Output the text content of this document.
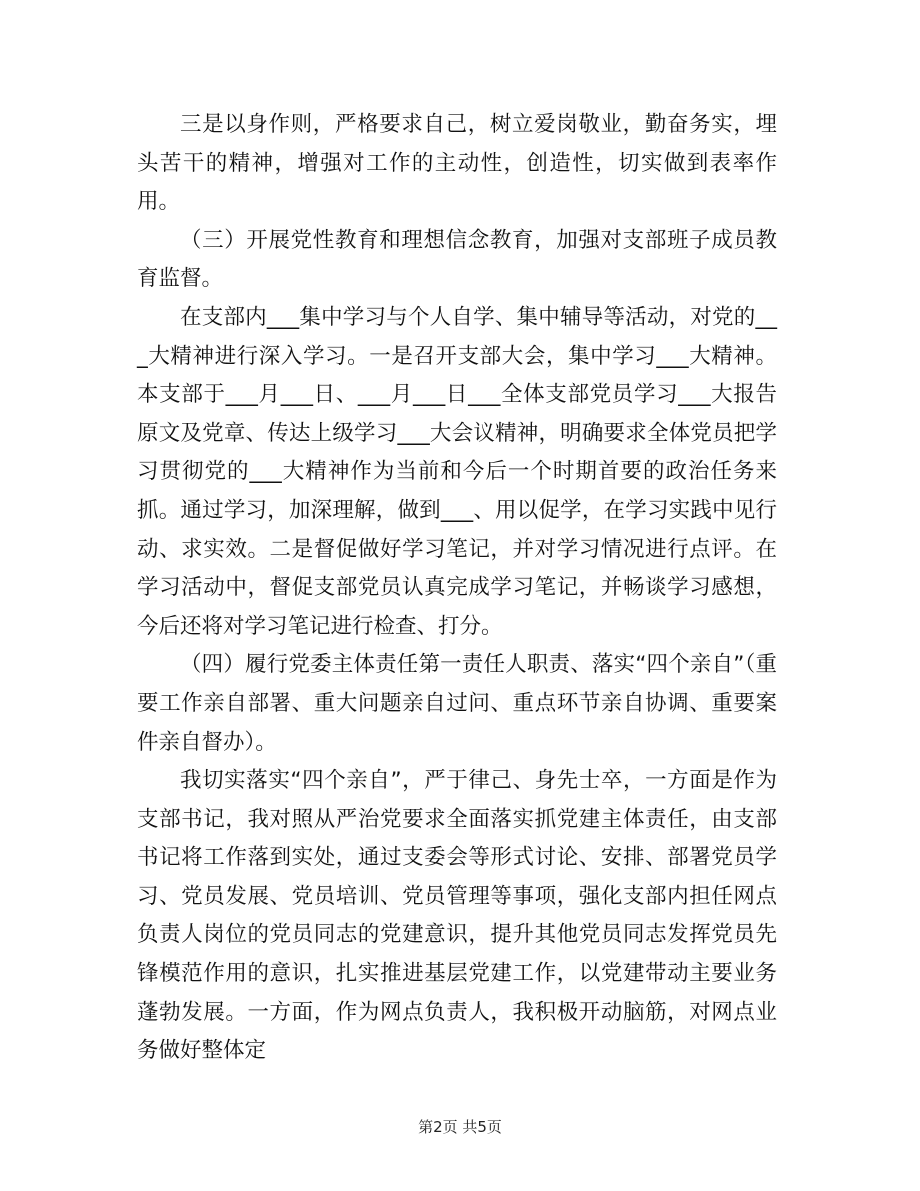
三是以身作则，严格要求自己，树立爱岗敬业，勤奋务实，埋头苦干的精神，增强对工作的主动性，创造性，切实做到表率作用。

（三）开展党性教育和理想信念教育，加强对支部班子成员教育监督。

在支部内___集中学习与个人自学、集中辅导等活动，对党的___大精神进行深入学习。一是召开支部大会，集中学习___大精神。本支部于___月___日、___月___日___全体支部党员学习___大报告原文及党章、传达上级学习___大会议精神，明确要求全体党员把学习贯彻党的___大精神作为当前和今后一个时期首要的政治任务来抓。通过学习，加深理解，做到___、用以促学，在学习实践中见行动、求实效。二是督促做好学习笔记，并对学习情况进行点评。在学习活动中，督促支部党员认真完成学习笔记，并畅谈学习感想，今后还将对学习笔记进行检查、打分。

（四）履行党委主体责任第一责任人职责、落实“四个亲自”（重要工作亲自部署、重大问题亲自过问、重点环节亲自协调、重要案件亲自督办）。

我切实落实“四个亲自”，严于律己、身先士卒，一方面是作为支部书记，我对照从严治党要求全面落实抓党建主体责任，由支部书记将工作落到实处，通过支委会等形式讨论、安排、部署党员学习、党员发展、党员培训、党员管理等事项，强化支部内担任网点负责人岗位的党员同志的党建意识，提升其他党员同志发挥党员先锋模范作用的意识，扎实推进基层党建工作，以党建带动主要业务蓬勃发展。一方面，作为网点负责人，我积极开动脑筋，对网点业务做好整体定

第2页 共5页
